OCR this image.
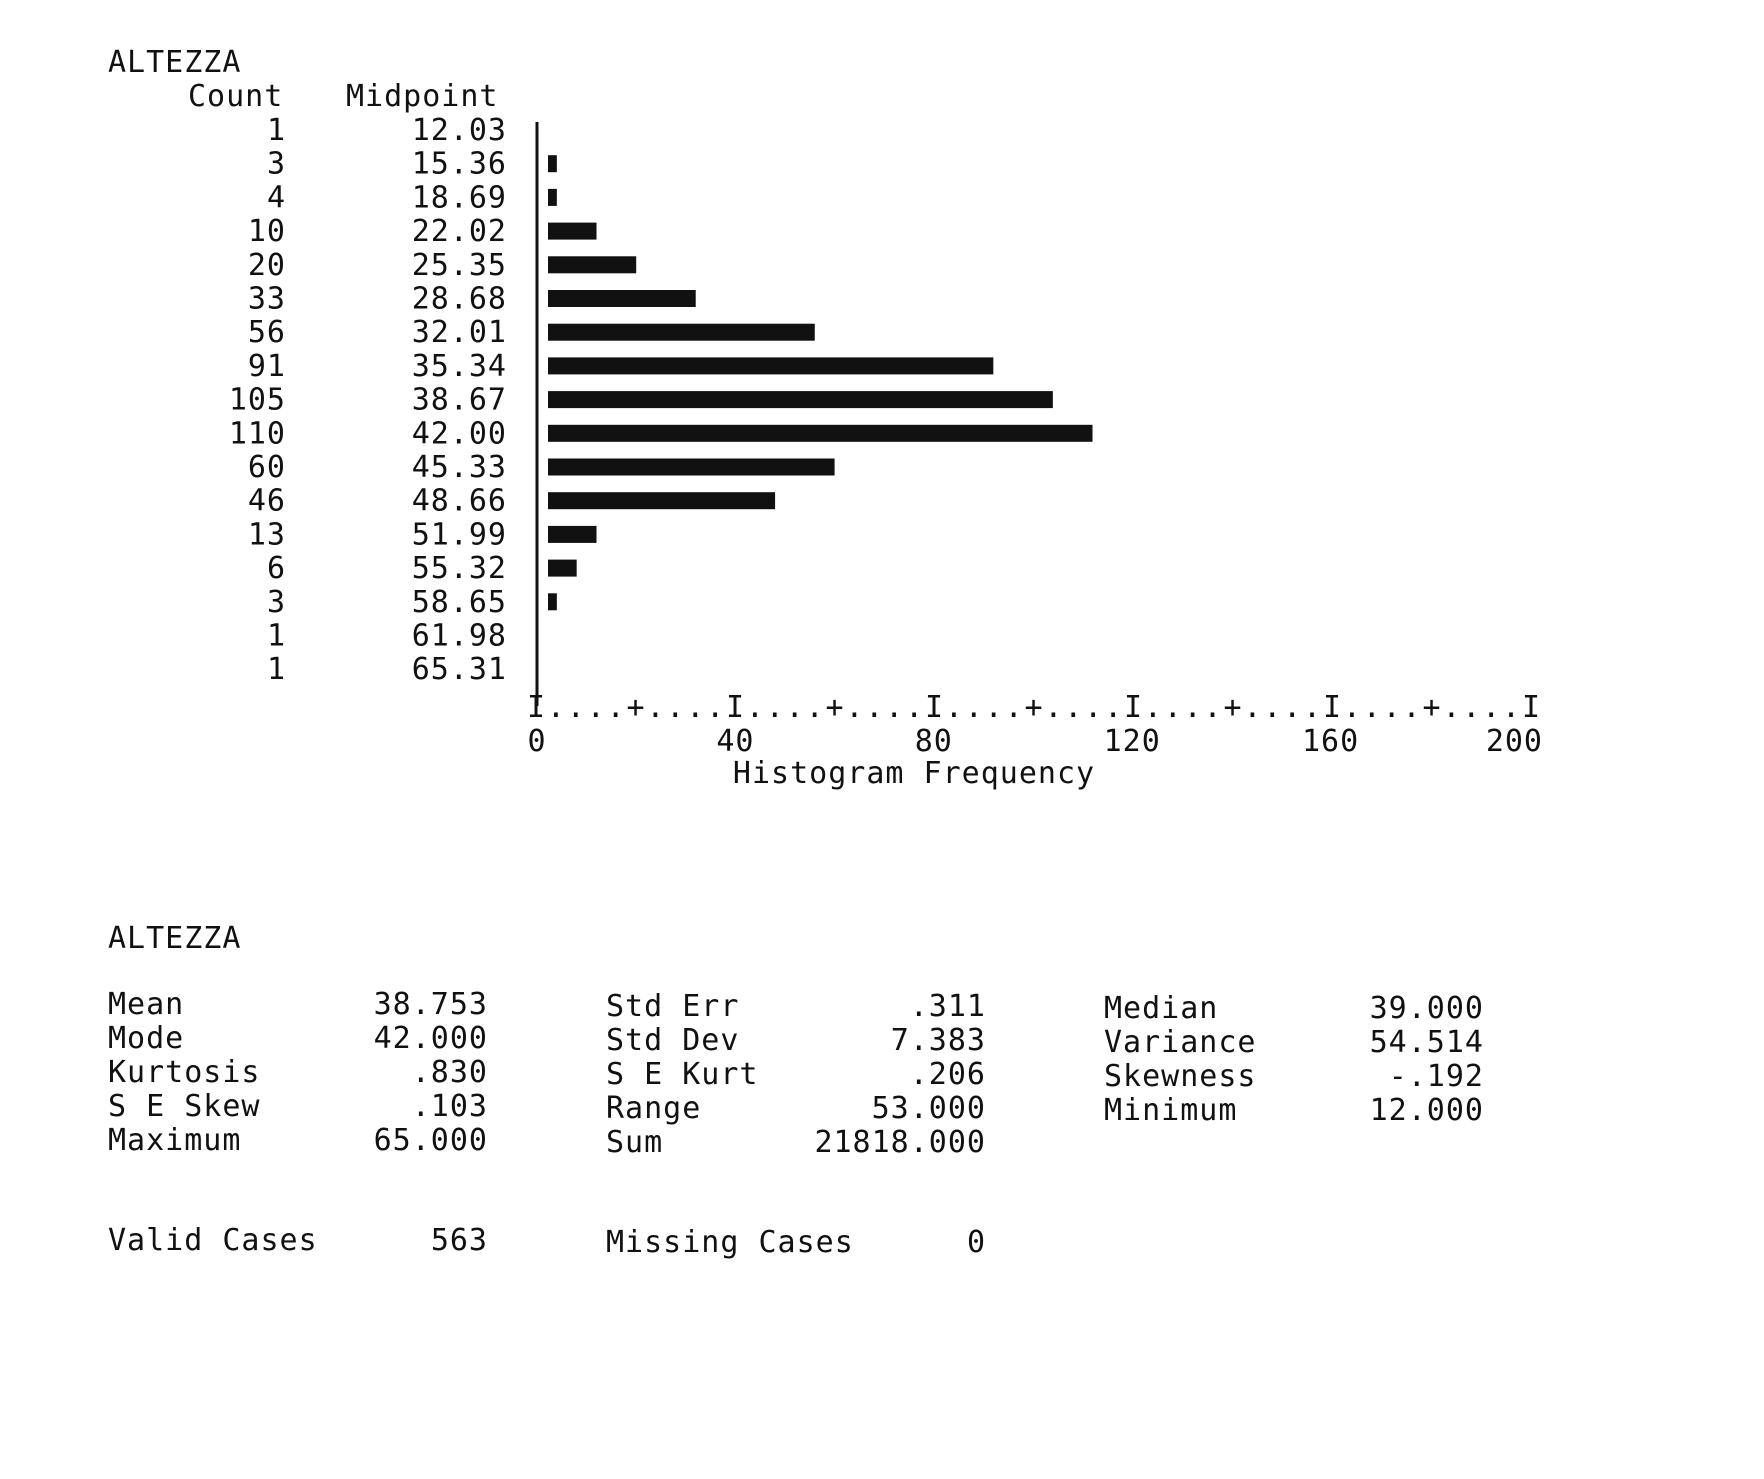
ALTEZZA
Count Midpoint
1	12.03
3	15.36
4	18.69
10	22.02
20	25.35
33	28.68
56	32.01
91	35.34
105	38.67
110	42.00
60	45.33
46	48.66
13	51.99
6	55.32
3	58.65
1	61.98
1	65.31
I....+....I....+....I....+....I....+....I....+....I
0	40	80	120	160	200
Histogram Frequency
ALTEZZA
Mean	38.753
Mode	42.000
Kurtosis	.830
S E Skew	.103
Maximum	65.000
Std Err	.311
Std Dev	7.383
S E Kurt	.206
Range	53.000
Sum	21818.000
Median	39.000
Variance	54.514
Skewness	-.192
Minimum	12.000
Valid Cases	563	Missing Cases	0
